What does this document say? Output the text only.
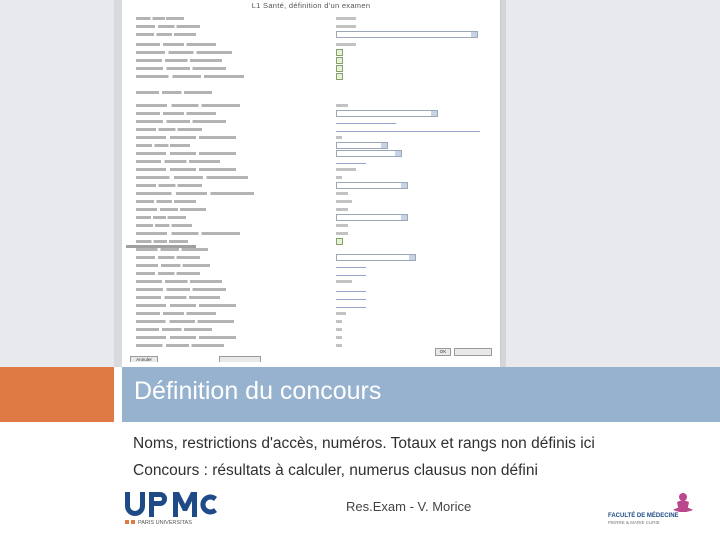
L1 Santé, définition d'un examen
Annuler
OK
Définition du concours
Noms, restrictions d'accès, numéros. Totaux et rangs non définis ici
Concours : résultats à calculer, numerus clausus non défini
PARIS UNIVERSITAS
Res.Exam - V. Morice
FACULTÉ DE MÉDECINE
PIERRE & MARIE CURIE
